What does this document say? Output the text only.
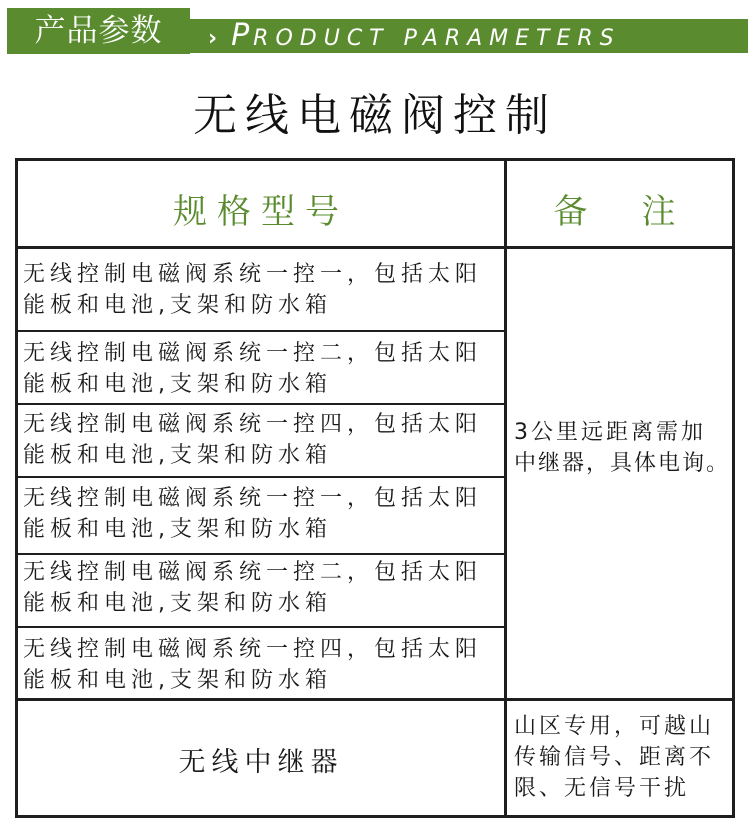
产品参数	› PRODUCT PARAMETERS
无线电磁阀控制
规格型号	备　注
无线控制电磁阀系统一控一，包括太阳
能板和电池,支架和防水箱
无线控制电磁阀系统一控二，包括太阳
能板和电池,支架和防水箱
无线控制电磁阀系统一控四，包括太阳
能板和电池,支架和防水箱
无线控制电磁阀系统一控一，包括太阳
能板和电池,支架和防水箱
无线控制电磁阀系统一控二，包括太阳
能板和电池,支架和防水箱
无线控制电磁阀系统一控四，包括太阳
能板和电池,支架和防水箱
3公里远距离需加
中继器，具体电询。
无线中继器
山区专用，可越山
传输信号、距离不
限、无信号干扰
